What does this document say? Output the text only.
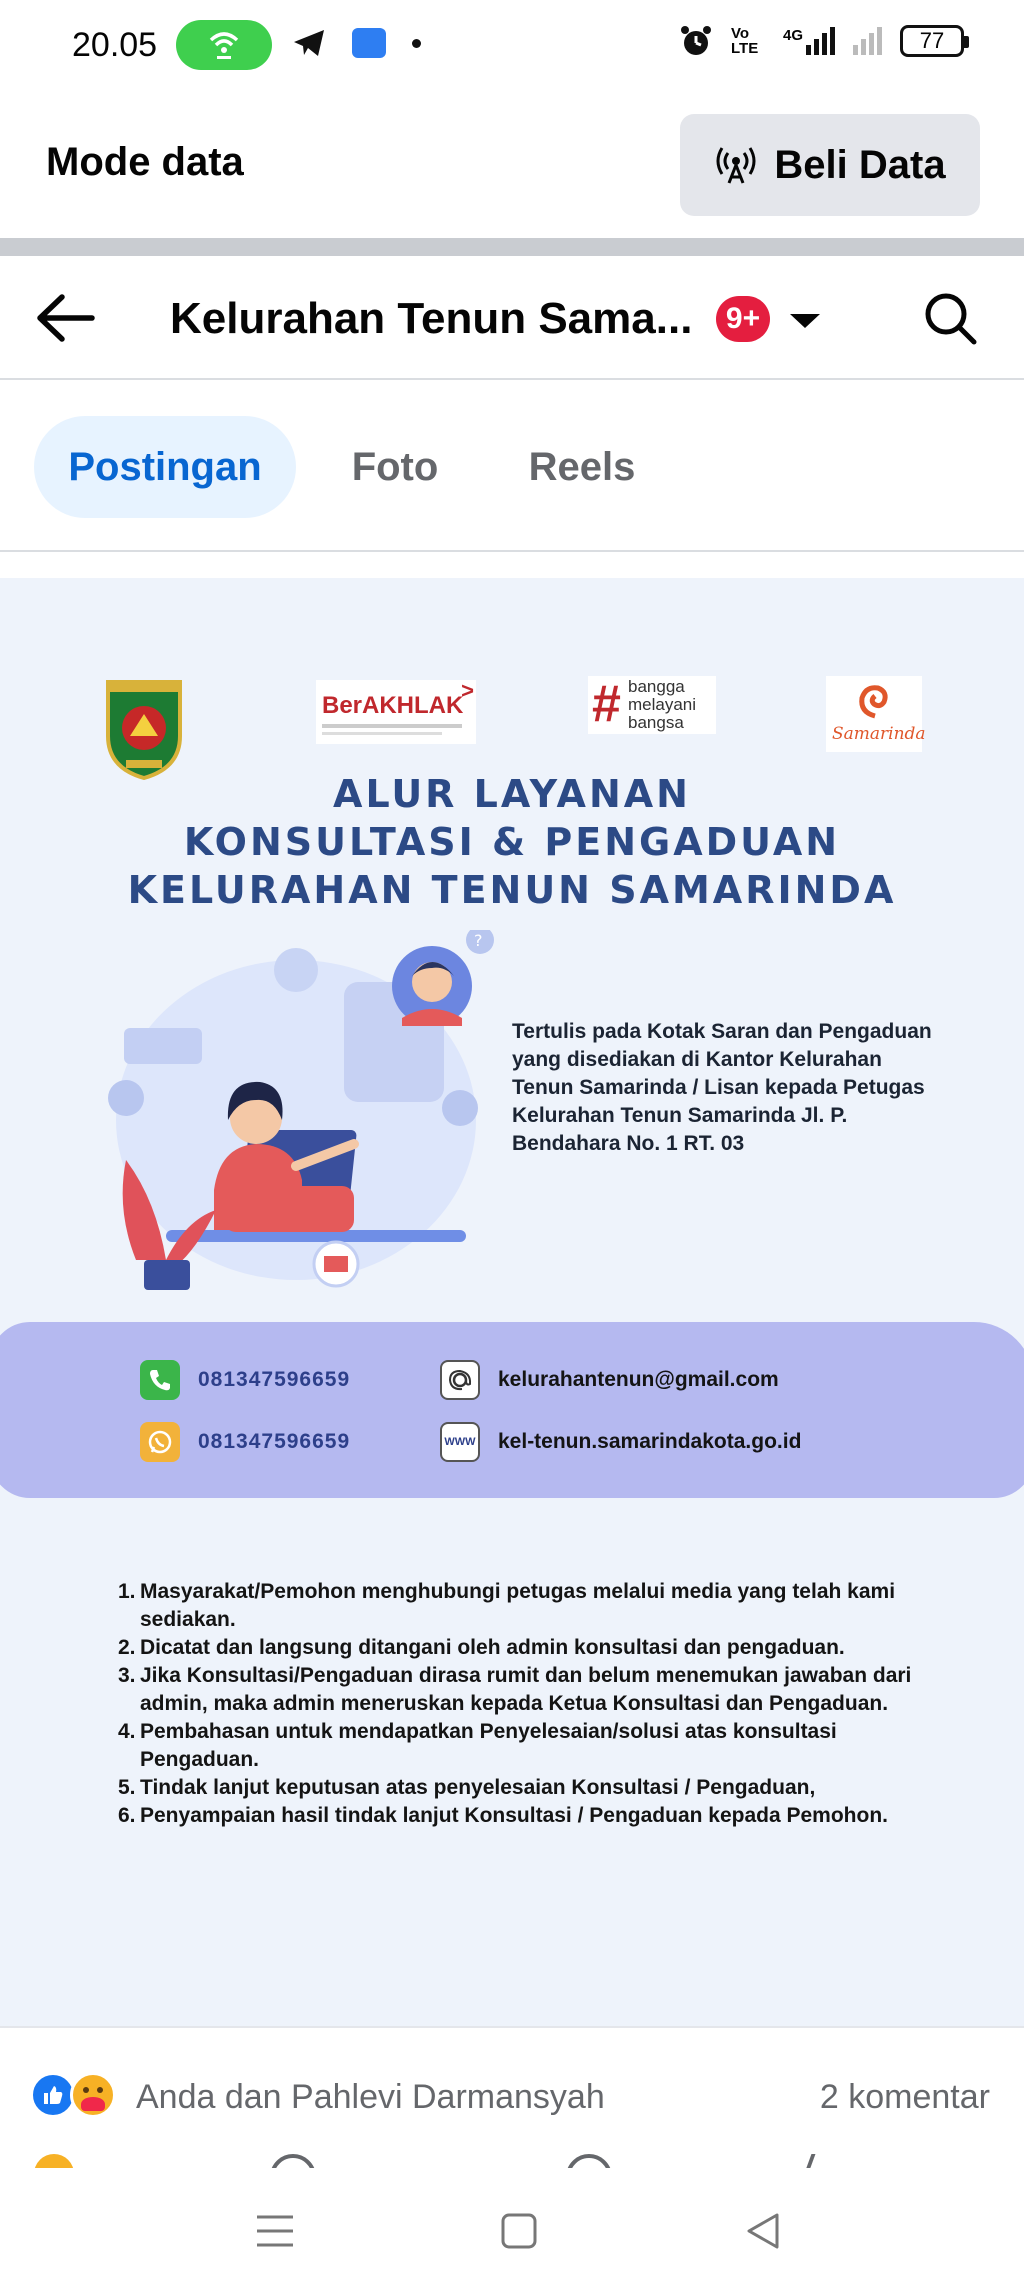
20.05	Vo LTE
4G	77
Mode data	Beli Data
Kelurahan Tenun Sama...	9+
Postingan Foto Reels
BerAKHLAK
> # bangga
melayani
bangsa
Samarinda
ALUR LAYANAN
KONSULTASI & PENGADUAN
KELURAHAN TENUN SAMARINDA
?
Tertulis pada Kotak Saran dan Pengaduan yang disediakan di Kantor Kelurahan Tenun Samarinda / Lisan kepada Petugas Kelurahan Tenun Samarinda Jl. P. Bendahara No. 1 RT. 03
081347596659
081347596659
kelurahantenun@gmail.com
WWW kel-tenun.samarindakota.go.id
1. Masyarakat/Pemohon menghubungi petugas melalui media yang telah kami sediakan.
2. Dicatat dan langsung ditangani oleh admin konsultasi dan pengaduan.
3. Jika Konsultasi/Pengaduan dirasa rumit dan belum menemukan jawaban dari admin, maka admin meneruskan kepada Ketua Konsultasi dan Pengaduan.
4. Pembahasan untuk mendapatkan Penyelesaian/solusi atas konsultasi Pengaduan.
5. Tindak lanjut keputusan atas penyelesaian Konsultasi / Pengaduan,
6. Penyampaian hasil tindak lanjut Konsultasi / Pengaduan kepada Pemohon.
Anda dan Pahlevi Darmansyah	2 komentar
